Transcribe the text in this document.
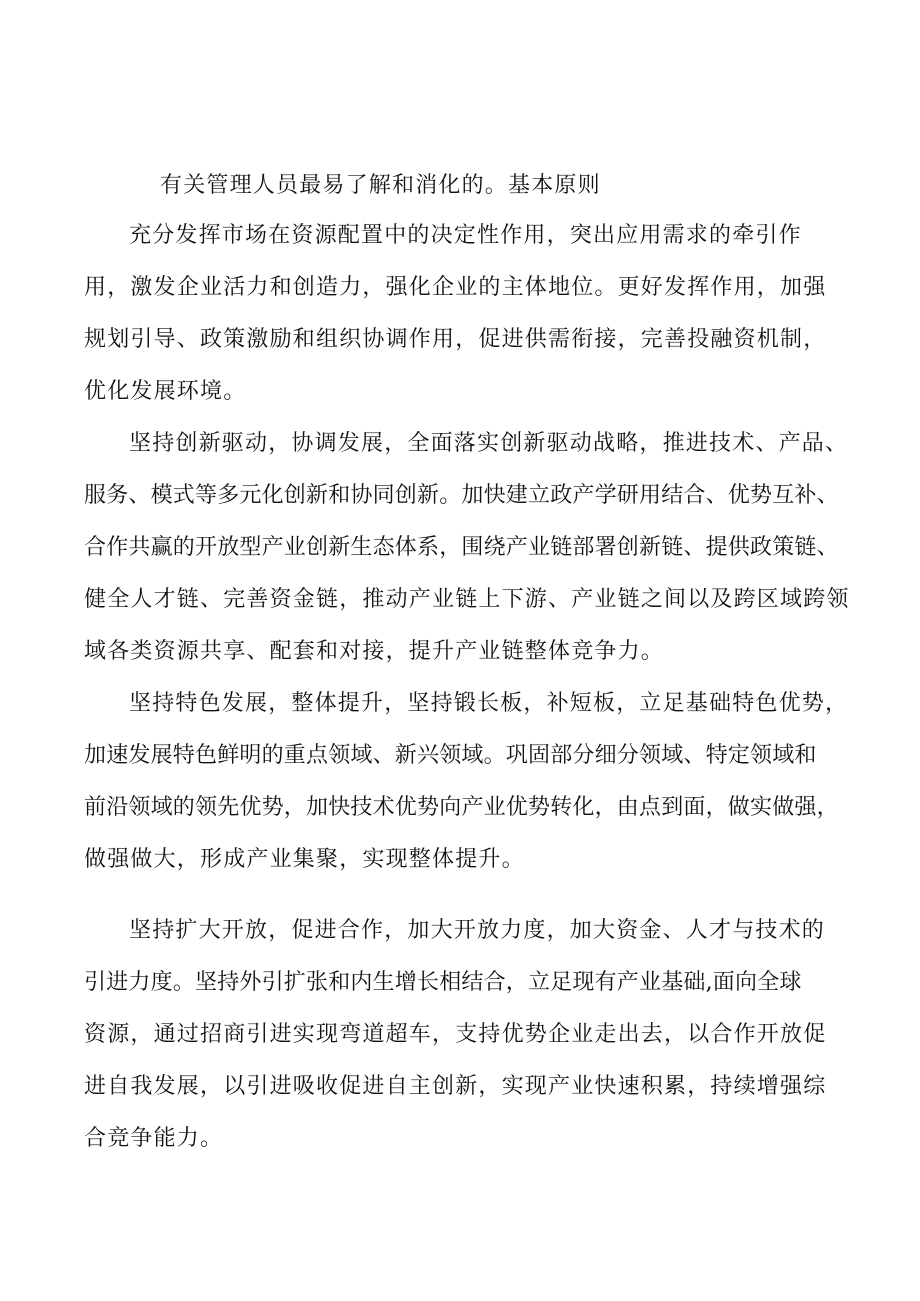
有关管理人员最易了解和消化的。基本原则
充分发挥市场在资源配置中的决定性作用，突出应用需求的牵引作
用，激发企业活力和创造力，强化企业的主体地位。更好发挥作用，加强
规划引导、政策激励和组织协调作用，促进供需衔接，完善投融资机制，
优化发展环境。
坚持创新驱动，协调发展，全面落实创新驱动战略，推进技术、产品、
服务、模式等多元化创新和协同创新。加快建立政产学研用结合、优势互补、
合作共赢的开放型产业创新生态体系，围绕产业链部署创新链、提供政策链、
健全人才链、完善资金链，推动产业链上下游、产业链之间以及跨区域跨领
域各类资源共享、配套和对接，提升产业链整体竞争力。
坚持特色发展，整体提升，坚持锻长板，补短板，立足基础特色优势，
加速发展特色鲜明的重点领域、新兴领域。巩固部分细分领域、特定领域和
前沿领域的领先优势，加快技术优势向产业优势转化，由点到面，做实做强，
做强做大，形成产业集聚，实现整体提升。
坚持扩大开放，促进合作，加大开放力度，加大资金、人才与技术的
引进力度。坚持外引扩张和内生增长相结合，立足现有产业基础,面向全球
资源，通过招商引进实现弯道超车，支持优势企业走出去，以合作开放促
进自我发展，以引进吸收促进自主创新，实现产业快速积累，持续增强综
合竞争能力。
